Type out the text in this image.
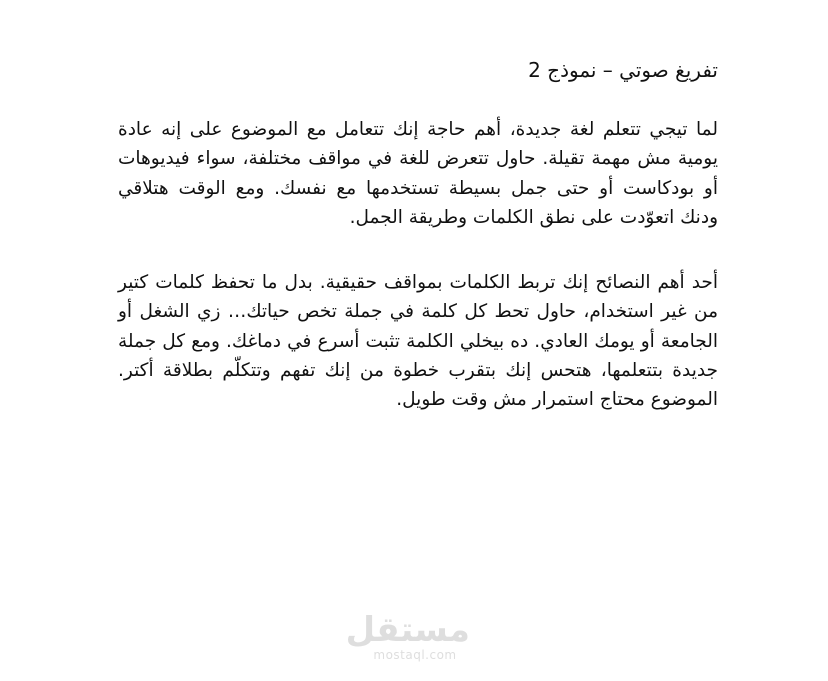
تفريغ صوتي – نموذج 2

لما تيجي تتعلم لغة جديدة، أهم حاجة إنك تتعامل مع الموضوع على إنه عادة يومية مش مهمة تقيلة. حاول تتعرض للغة في مواقف مختلفة، سواء فيديوهات أو بودكاست أو حتى جمل بسيطة تستخدمها مع نفسك. ومع الوقت هتلاقي ودنك اتعوّدت على نطق الكلمات وطريقة الجمل.

أحد أهم النصائح إنك تربط الكلمات بمواقف حقيقية. بدل ما تحفظ كلمات كتير من غير استخدام، حاول تحط كل كلمة في جملة تخص حياتك… زي الشغل أو الجامعة أو يومك العادي. ده بيخلي الكلمة تثبت أسرع في دماغك. ومع كل جملة جديدة بتتعلمها، هتحس إنك بتقرب خطوة من إنك تفهم وتتكلّم بطلاقة أكتر. الموضوع محتاج استمرار مش وقت طويل.

مستقل
mostaql.com
